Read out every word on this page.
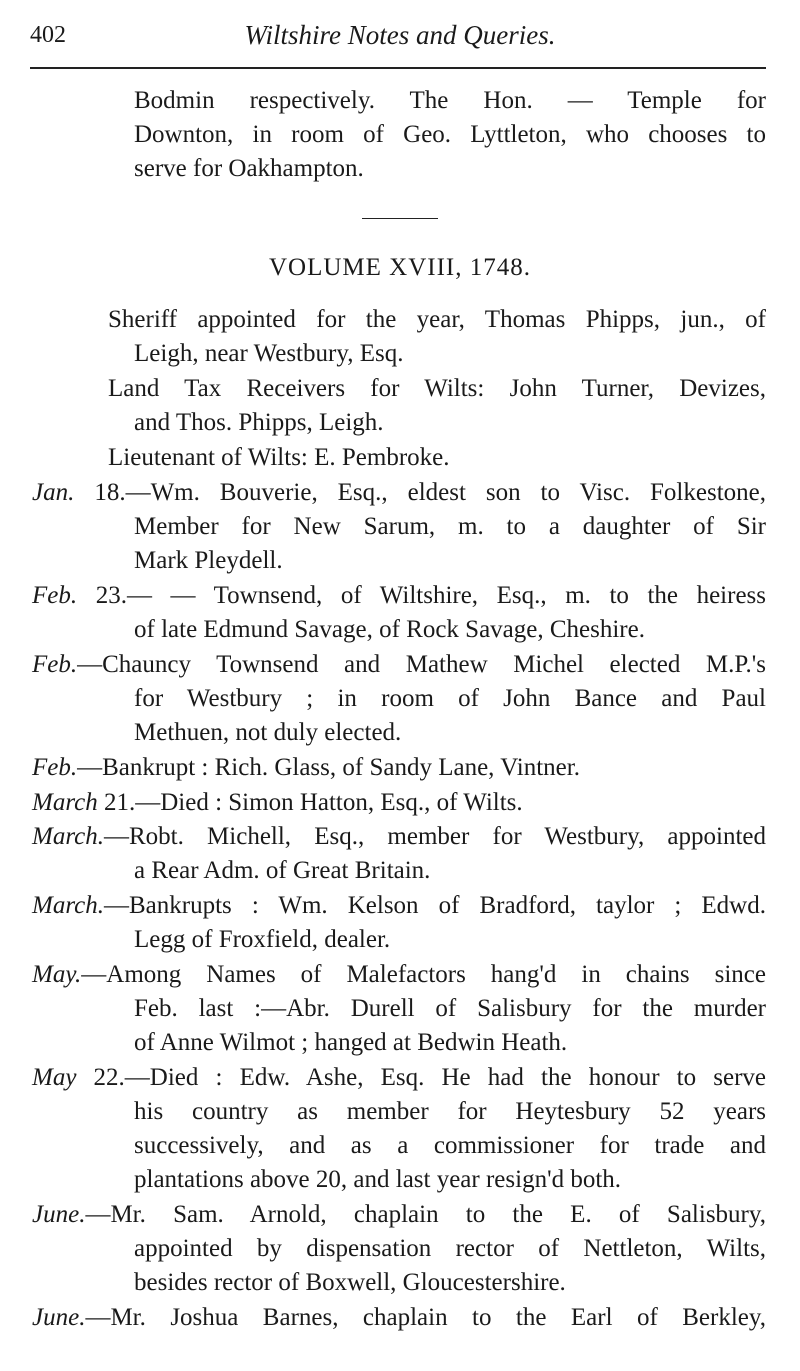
402	Wiltshire Notes and Queries.
Bodmin respectively. The Hon. — Temple for
Downton, in room of Geo. Lyttleton, who chooses to
serve for Oakhampton.
VOLUME XVIII, 1748.
Sheriff appointed for the year, Thomas Phipps, jun., of
Leigh, near Westbury, Esq.
Land Tax Receivers for Wilts: John Turner, Devizes,
and Thos. Phipps, Leigh.
Lieutenant of Wilts: E. Pembroke.
Jan. 18.—Wm. Bouverie, Esq., eldest son to Visc. Folkestone,
Member for New Sarum, m. to a daughter of Sir
Mark Pleydell.
Feb. 23.— — Townsend, of Wiltshire, Esq., m. to the heiress
of late Edmund Savage, of Rock Savage, Cheshire.
Feb.—Chauncy Townsend and Mathew Michel elected M.P.'s
for Westbury ; in room of John Bance and Paul
Methuen, not duly elected.
Feb.—Bankrupt : Rich. Glass, of Sandy Lane, Vintner.
March 21.—Died : Simon Hatton, Esq., of Wilts.
March.—Robt. Michell, Esq., member for Westbury, appointed
a Rear Adm. of Great Britain.
March.—Bankrupts : Wm. Kelson of Bradford, taylor ; Edwd.
Legg of Froxfield, dealer.
May.—Among Names of Malefactors hang'd in chains since
Feb. last :—Abr. Durell of Salisbury for the murder
of Anne Wilmot ; hanged at Bedwin Heath.
May 22.—Died : Edw. Ashe, Esq. He had the honour to serve
his country as member for Heytesbury 52 years
successively, and as a commissioner for trade and
plantations above 20, and last year resign'd both.
June.—Mr. Sam. Arnold, chaplain to the E. of Salisbury,
appointed by dispensation rector of Nettleton, Wilts,
besides rector of Boxwell, Gloucestershire.
June.—Mr. Joshua Barnes, chaplain to the Earl of Berkley,
